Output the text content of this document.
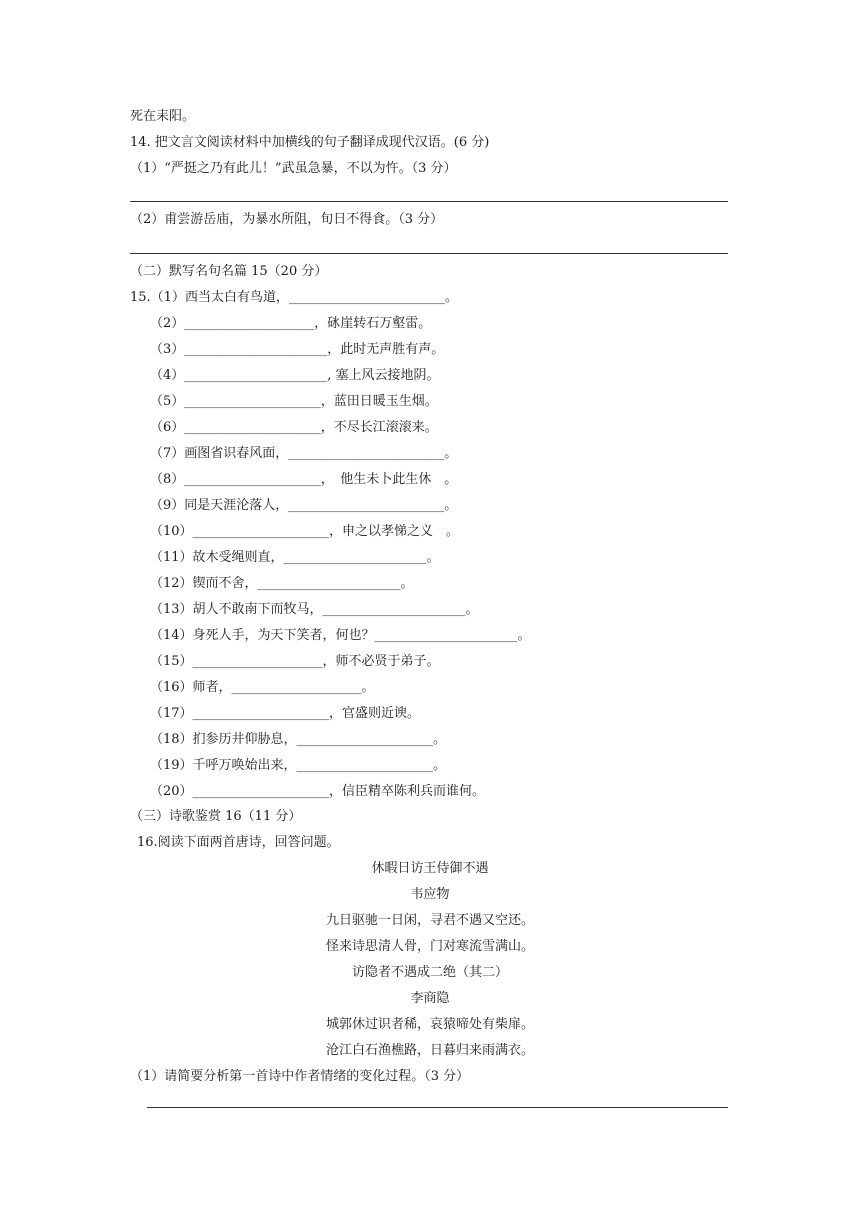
死在耒阳。
14. 把文言文阅读材料中加横线的句子翻译成现代汉语。(6 分)
（1）“严挺之乃有此儿！”武虽急暴，不以为忤。（3 分）
（2）甫尝游岳庙，为暴水所阻，旬日不得食。（3 分）
（二）默写名句名篇 15（20 分）
15.（1）西当太白有鸟道，________________________。
（2）____________________，砯崖转石万壑雷。
（3）______________________，此时无声胜有声。
（4）______________________, 塞上风云接地阴。
（5）_____________________，蓝田日暖玉生烟。
（6）_____________________，不尽长江滚滚来。
（7）画图省识春风面，________________________。
（8）_____________________，　他生未卜此生休　。
（9）同是天涯沦落人，________________________。
（10）_____________________，申之以孝悌之义　。
（11）故木受绳则直，______________________。
（12）锲而不舍，______________________。
（13）胡人不敢南下而牧马，______________________。
（14）身死人手，为天下笑者，何也？______________________。
（15）____________________，师不必贤于弟子。
（16）师者，____________________。
（17）_____________________，官盛则近谀。
（18）扪参历井仰胁息，_____________________。
（19）千呼万唤始出来，_____________________。
（20）_____________________，信臣精卒陈利兵而谁何。
（三）诗歌鉴赏 16（11 分）
16.阅读下面两首唐诗，回答问题。
休暇日访王侍御不遇
韦应物
九日驱驰一日闲，寻君不遇又空还。
怪来诗思清人骨，门对寒流雪满山。
访隐者不遇成二绝（其二）
李商隐
城郭休过识者稀，哀猿啼处有柴扉。
沧江白石渔樵路，日暮归来雨满衣。
（1）请简要分析第一首诗中作者情绪的变化过程。（3 分）
